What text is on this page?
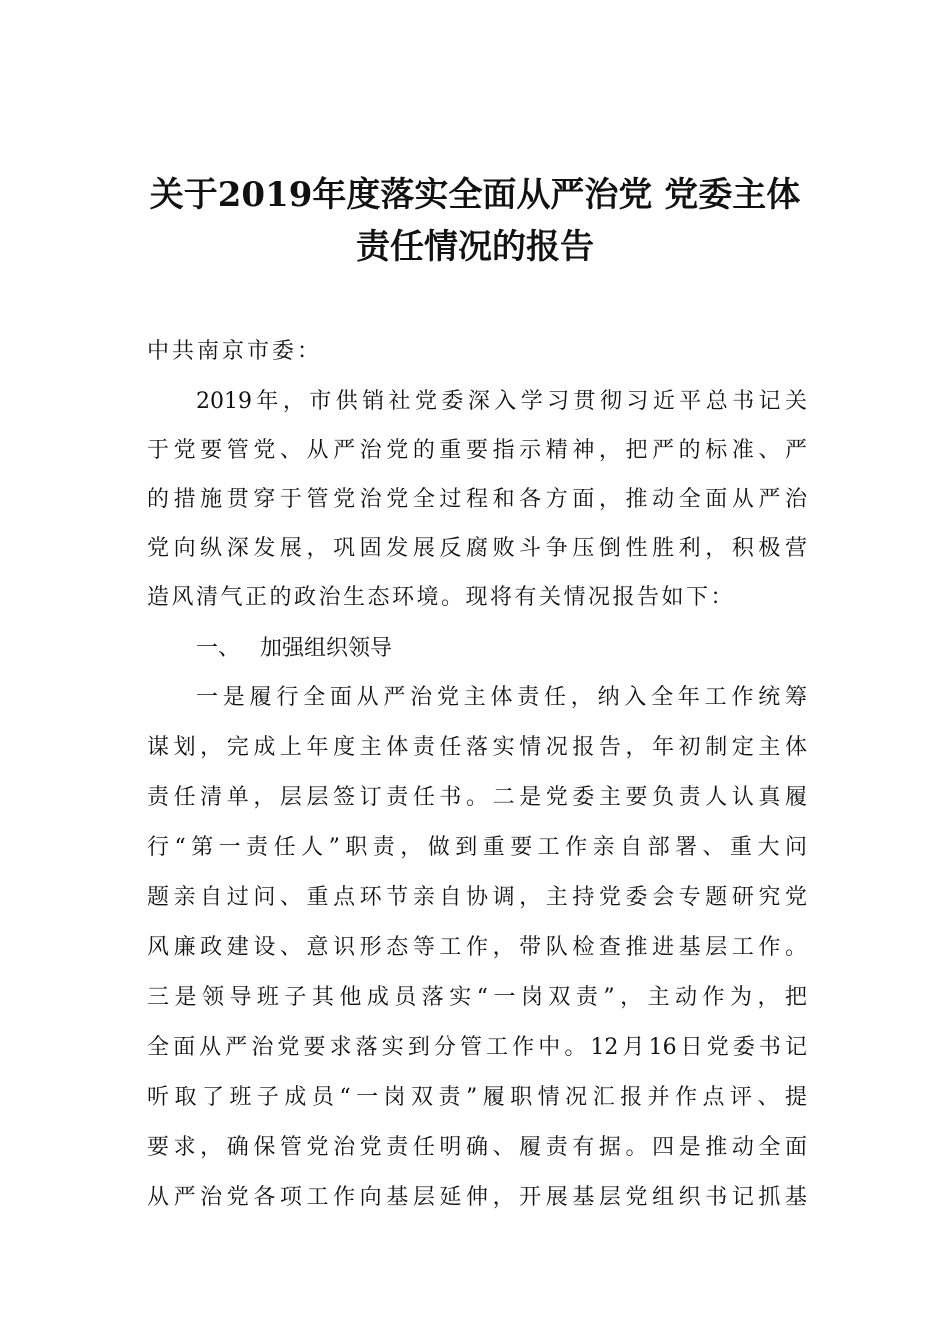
关于2019年度落实全面从严治党 党委主体
责任情况的报告
中共南京市委：
2019年，市供销社党委深入学习贯彻习近平总书记关
于党要管党、从严治党的重要指示精神，把严的标准、严
的措施贯穿于管党治党全过程和各方面，推动全面从严治
党向纵深发展，巩固发展反腐败斗争压倒性胜利，积极营
造风清气正的政治生态环境。现将有关情况报告如下：
一、 加强组织领导
一是履行全面从严治党主体责任，纳入全年工作统筹
谋划，完成上年度主体责任落实情况报告，年初制定主体
责任清单，层层签订责任书。二是党委主要负责人认真履
行“第一责任人”职责，做到重要工作亲自部署、重大问
题亲自过问、重点环节亲自协调，主持党委会专题研究党
风廉政建设、意识形态等工作，带队检查推进基层工作。
三是领导班子其他成员落实“一岗双责”，主动作为，把
全面从严治党要求落实到分管工作中。12月16日党委书记
听取了班子成员“一岗双责”履职情况汇报并作点评、提
要求，确保管党治党责任明确、履责有据。四是推动全面
从严治党各项工作向基层延伸，开展基层党组织书记抓基
